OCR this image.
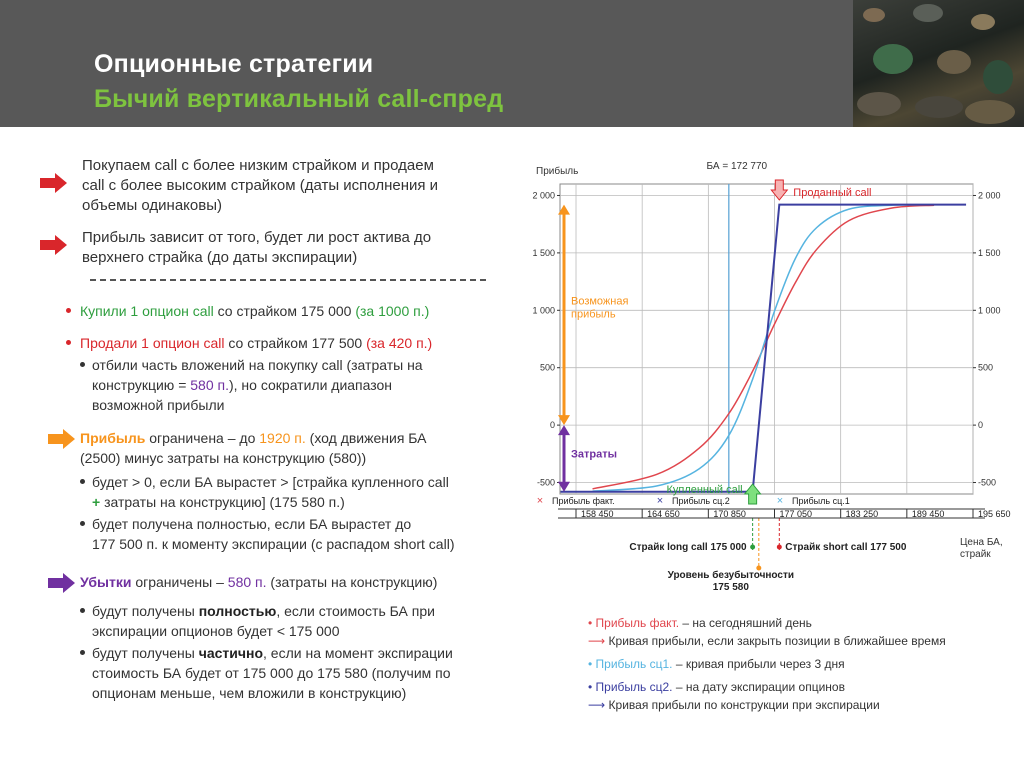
Опционные стратегии
Бычий вертикальный call-спред
Покупаем call с более низким страйком и продаем
call с более высоким страйком (даты исполнения и
объемы одинаковы)
Прибыль зависит от того, будет ли рост актива до
верхнего страйка (до даты экспирации)
Купили 1 опцион call со страйком 175 000 (за 1000 п.)
Продали 1 опцион call со страйком 177 500 (за 420 п.)
отбили часть вложений на покупку call (затраты на
конструкцию = 580 п.), но сократили диапазон
возможной прибыли
Прибыль ограничена – до 1920 п. (ход движения БА
(2500) минус затраты на конструкцию (580))
будет > 0, если БА вырастет > [страйка купленного call
+ затраты на конструкцию] (175 580 п.)
будет получена полностью, если БА вырастет до
177 500 п. к моменту экспирации (с распадом short call)
Убытки ограничены – 580 п. (затраты на конструкцию)
будут получены полностью, если стоимость БА при
экспирации опционов будет < 175 000
будут получены частично, если на момент экспирации
стоимость БА будет от 175 000 до 175 580 (получим по
опционам меньше, чем вложили в конструкцию)
2 000	2 000
1 500	1 500
1 000	1 000
500	500
0	0
-500	-500
Прибыль	БА = 172 770
Возможная прибыль
Затраты
Проданный call
Купленный call
Страйк long call 175 000	Страйк short call 177 500
Уровень безубыточности
175 580
× Прибыль факт.	× Прибыль сц.2	× Прибыль сц.1
158 450	164 650	170 850	177 050	183 250	189 450	195 650
Цена БА, страйк
• Прибыль факт. – на сегодняшний день
⟶ Кривая прибыли, если закрыть позиции в ближайшее время
• Прибыль сц1. – кривая прибыли через 3 дня
• Прибыль сц2. – на дату экспирации опцинов
⟶ Кривая прибыли по конструкции при экспирации
